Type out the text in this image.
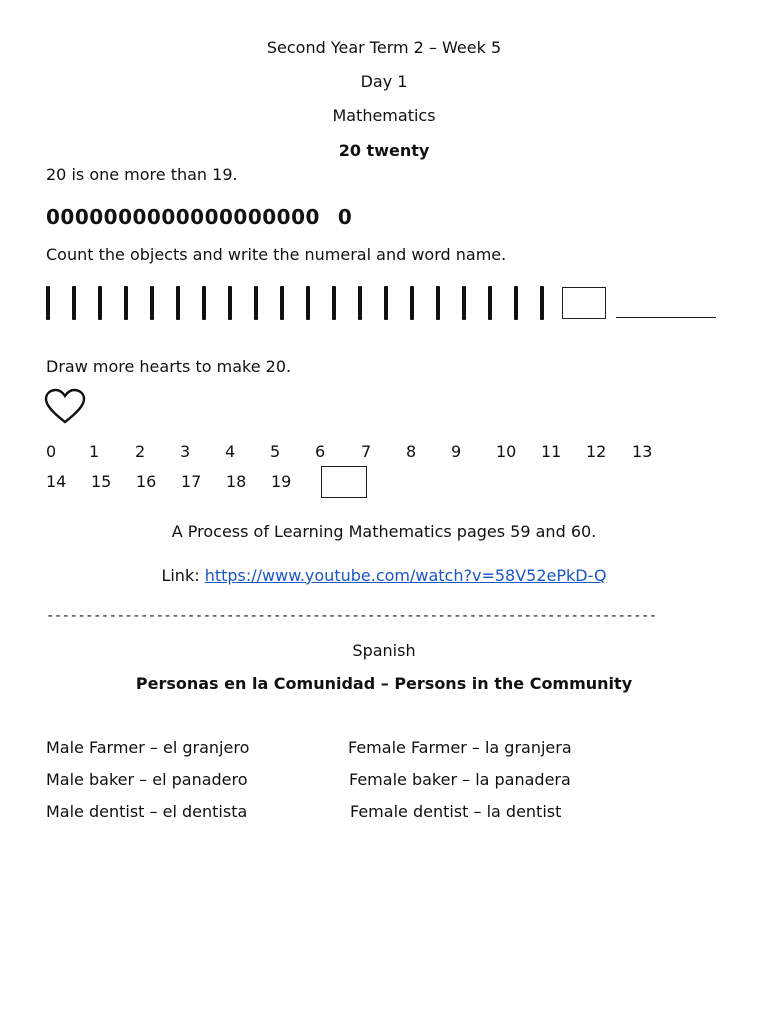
Second Year Term 2 – Week 5
Day 1
Mathematics
20 twenty
20 is one more than 19.
0000000000000000000 0
Count the objects and write the numeral and word name.
Draw more hearts to make 20.
0 1 2 3 4 5 6 7 8 9 10 11 12 13
14 15 16 17 18 19
A Process of Learning Mathematics pages 59 and 60.
Link: https://www.youtube.com/watch?v=58V52ePkD-Q
------------------------------------------------------------------------------
Spanish
Personas en la Comunidad – Persons in the Community
Male Farmer – el granjero	Female Farmer – la granjera
Male baker – el panadero	Female baker – la panadera
Male dentist – el dentista	Female dentist – la dentist
